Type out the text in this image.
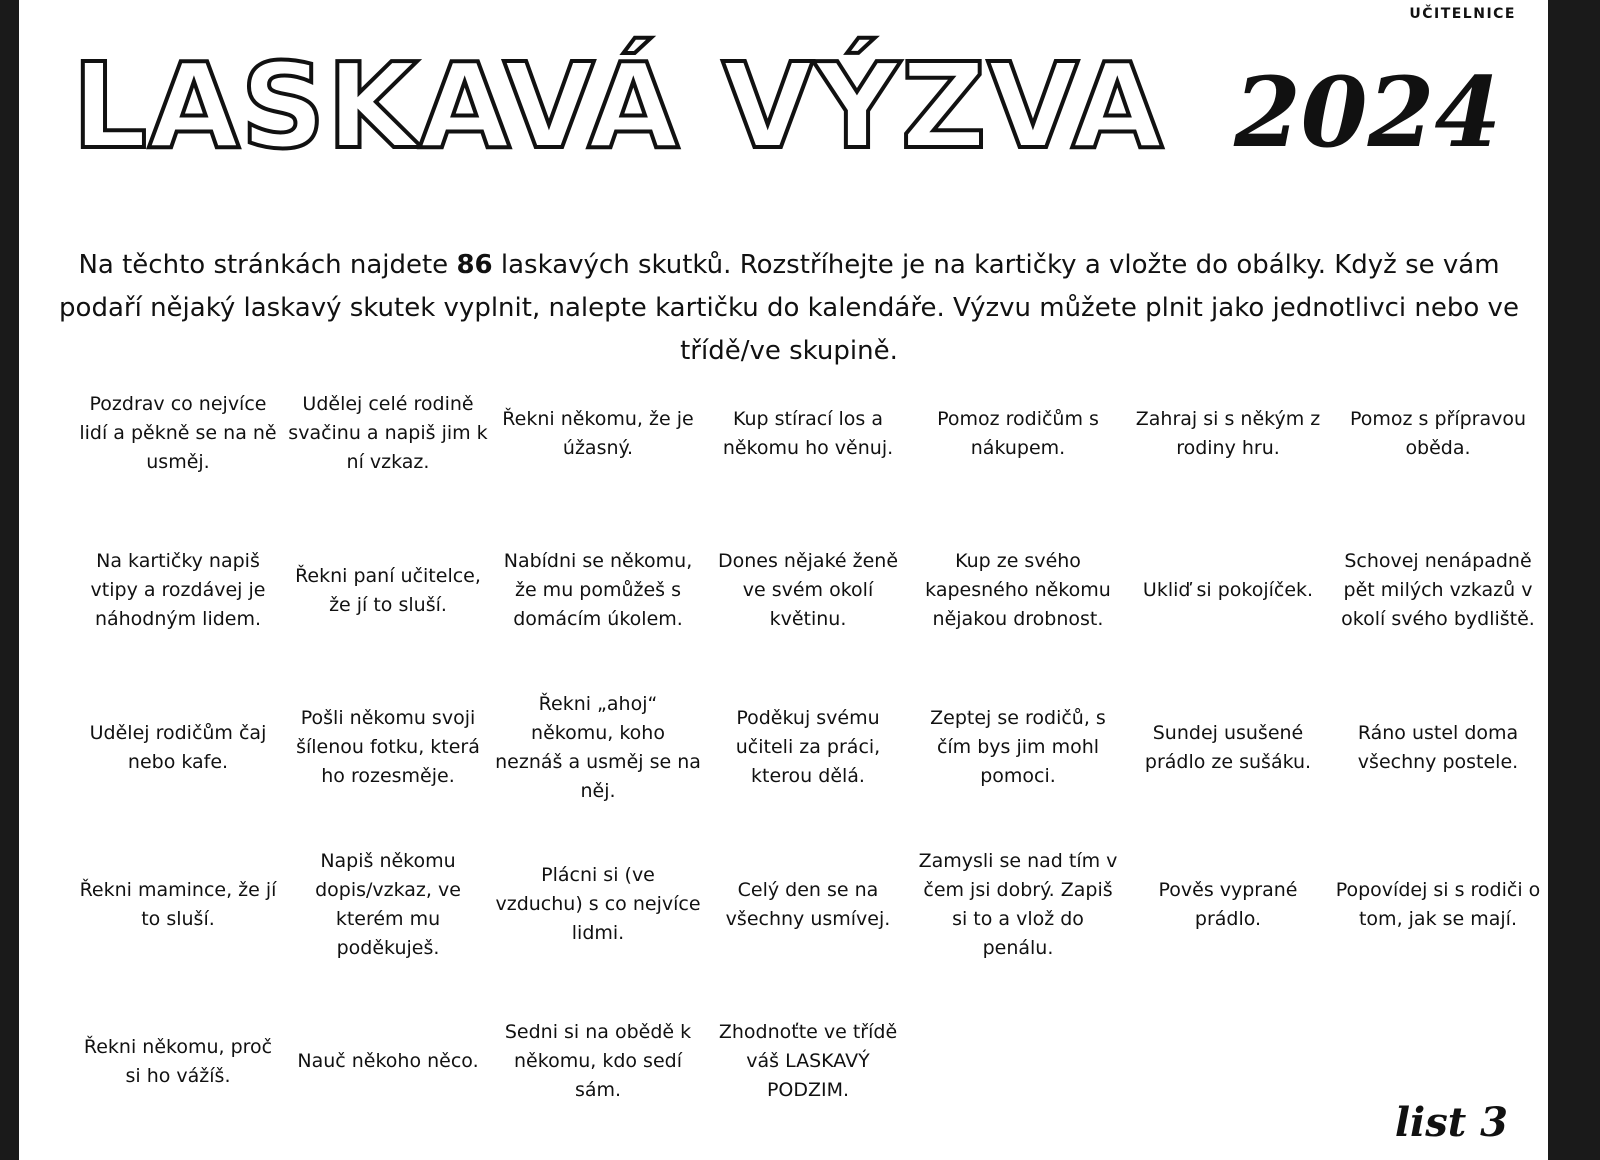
UČITELNICE
LASKAVÁ VÝZVA 2024

Na těchto stránkách najdete 86 laskavých skutků. Rozstříhejte je na kartičky a vložte do obálky. Když se vám podaří nějaký laskavý skutek vyplnit, nalepte kartičku do kalendáře. Výzvu můžete plnit jako jednotlivci nebo ve třídě/ve skupině.

Pozdrav co nejvíce lidí a pěkně se na ně usměj.
Udělej celé rodině svačinu a napiš jim k ní vzkaz.
Řekni někomu, že je úžasný.
Kup stírací los a někomu ho věnuj.
Pomoz rodičům s nákupem.
Zahraj si s někým z rodiny hru.
Pomoz s přípravou oběda.
Na kartičky napiš vtipy a rozdávej je náhodným lidem.
Řekni paní učitelce, že jí to sluší.
Nabídni se někomu, že mu pomůžeš s domácím úkolem.
Dones nějaké ženě ve svém okolí květinu.
Kup ze svého kapesného někomu nějakou drobnost.
Ukliď si pokojíček.
Schovej nenápadně pět milých vzkazů v okolí svého bydliště.
Udělej rodičům čaj nebo kafe.
Pošli někomu svoji šílenou fotku, která ho rozesměje.
Řekni „ahoj“ někomu, koho neznáš a usměj se na něj.
Poděkuj svému učiteli za práci, kterou dělá.
Zeptej se rodičů, s čím bys jim mohl pomoci.
Sundej usušené prádlo ze sušáku.
Ráno ustel doma všechny postele.
Řekni mamince, že jí to sluší.
Napiš někomu dopis/vzkaz, ve kterém mu poděkuješ.
Plácni si (ve vzduchu) s co nejvíce lidmi.
Celý den se na všechny usmívej.
Zamysli se nad tím v čem jsi dobrý. Zapiš si to a vlož do penálu.
Pověs vyprané prádlo.
Popovídej si s rodiči o tom, jak se mají.
Řekni někomu, proč si ho vážíš.
Nauč někoho něco.
Sedni si na obědě k někomu, kdo sedí sám.
Zhodnoťte ve třídě váš LASKAVÝ PODZIM.
list 3
